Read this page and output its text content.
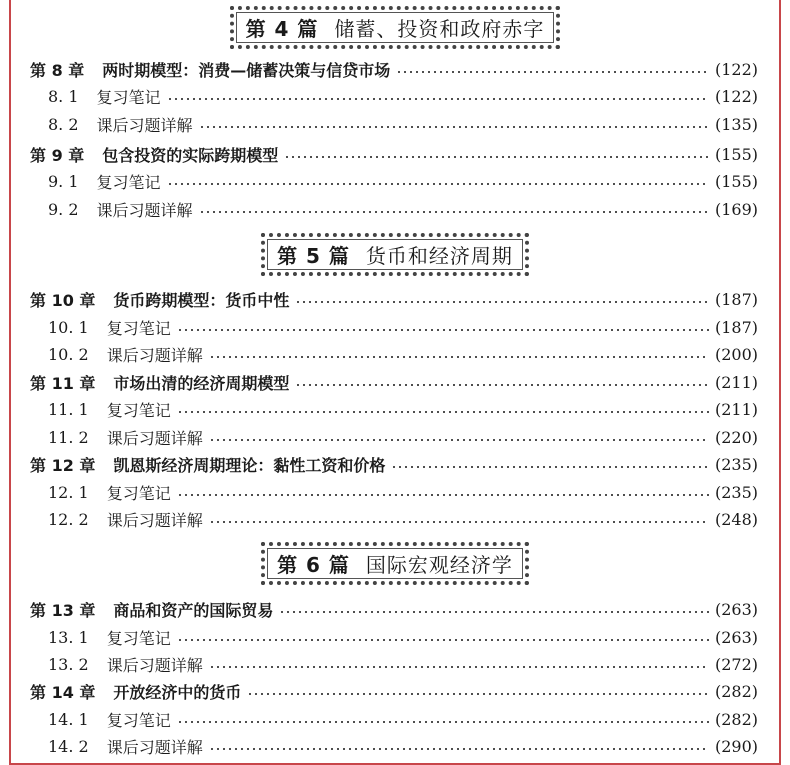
第 4 篇 储蓄、投资和政府赤字
第 8 章 两时期模型：消费—储蓄决策与信贷市场	(122)
8. 1 复习笔记	(122)
8. 2 课后习题详解	(135)
第 9 章 包含投资的实际跨期模型	(155)
9. 1 复习笔记	(155)
9. 2 课后习题详解	(169)
第 5 篇 货币和经济周期
第 10 章 货币跨期模型：货币中性	(187)
10. 1 复习笔记	(187)
10. 2 课后习题详解	(200)
第 11 章 市场出清的经济周期模型	(211)
11. 1 复习笔记	(211)
11. 2 课后习题详解	(220)
第 12 章 凯恩斯经济周期理论：黏性工资和价格	(235)
12. 1 复习笔记	(235)
12. 2 课后习题详解	(248)
第 6 篇 国际宏观经济学
第 13 章 商品和资产的国际贸易	(263)
13. 1 复习笔记	(263)
13. 2 课后习题详解	(272)
第 14 章 开放经济中的货币	(282)
14. 1 复习笔记	(282)
14. 2 课后习题详解	(290)
